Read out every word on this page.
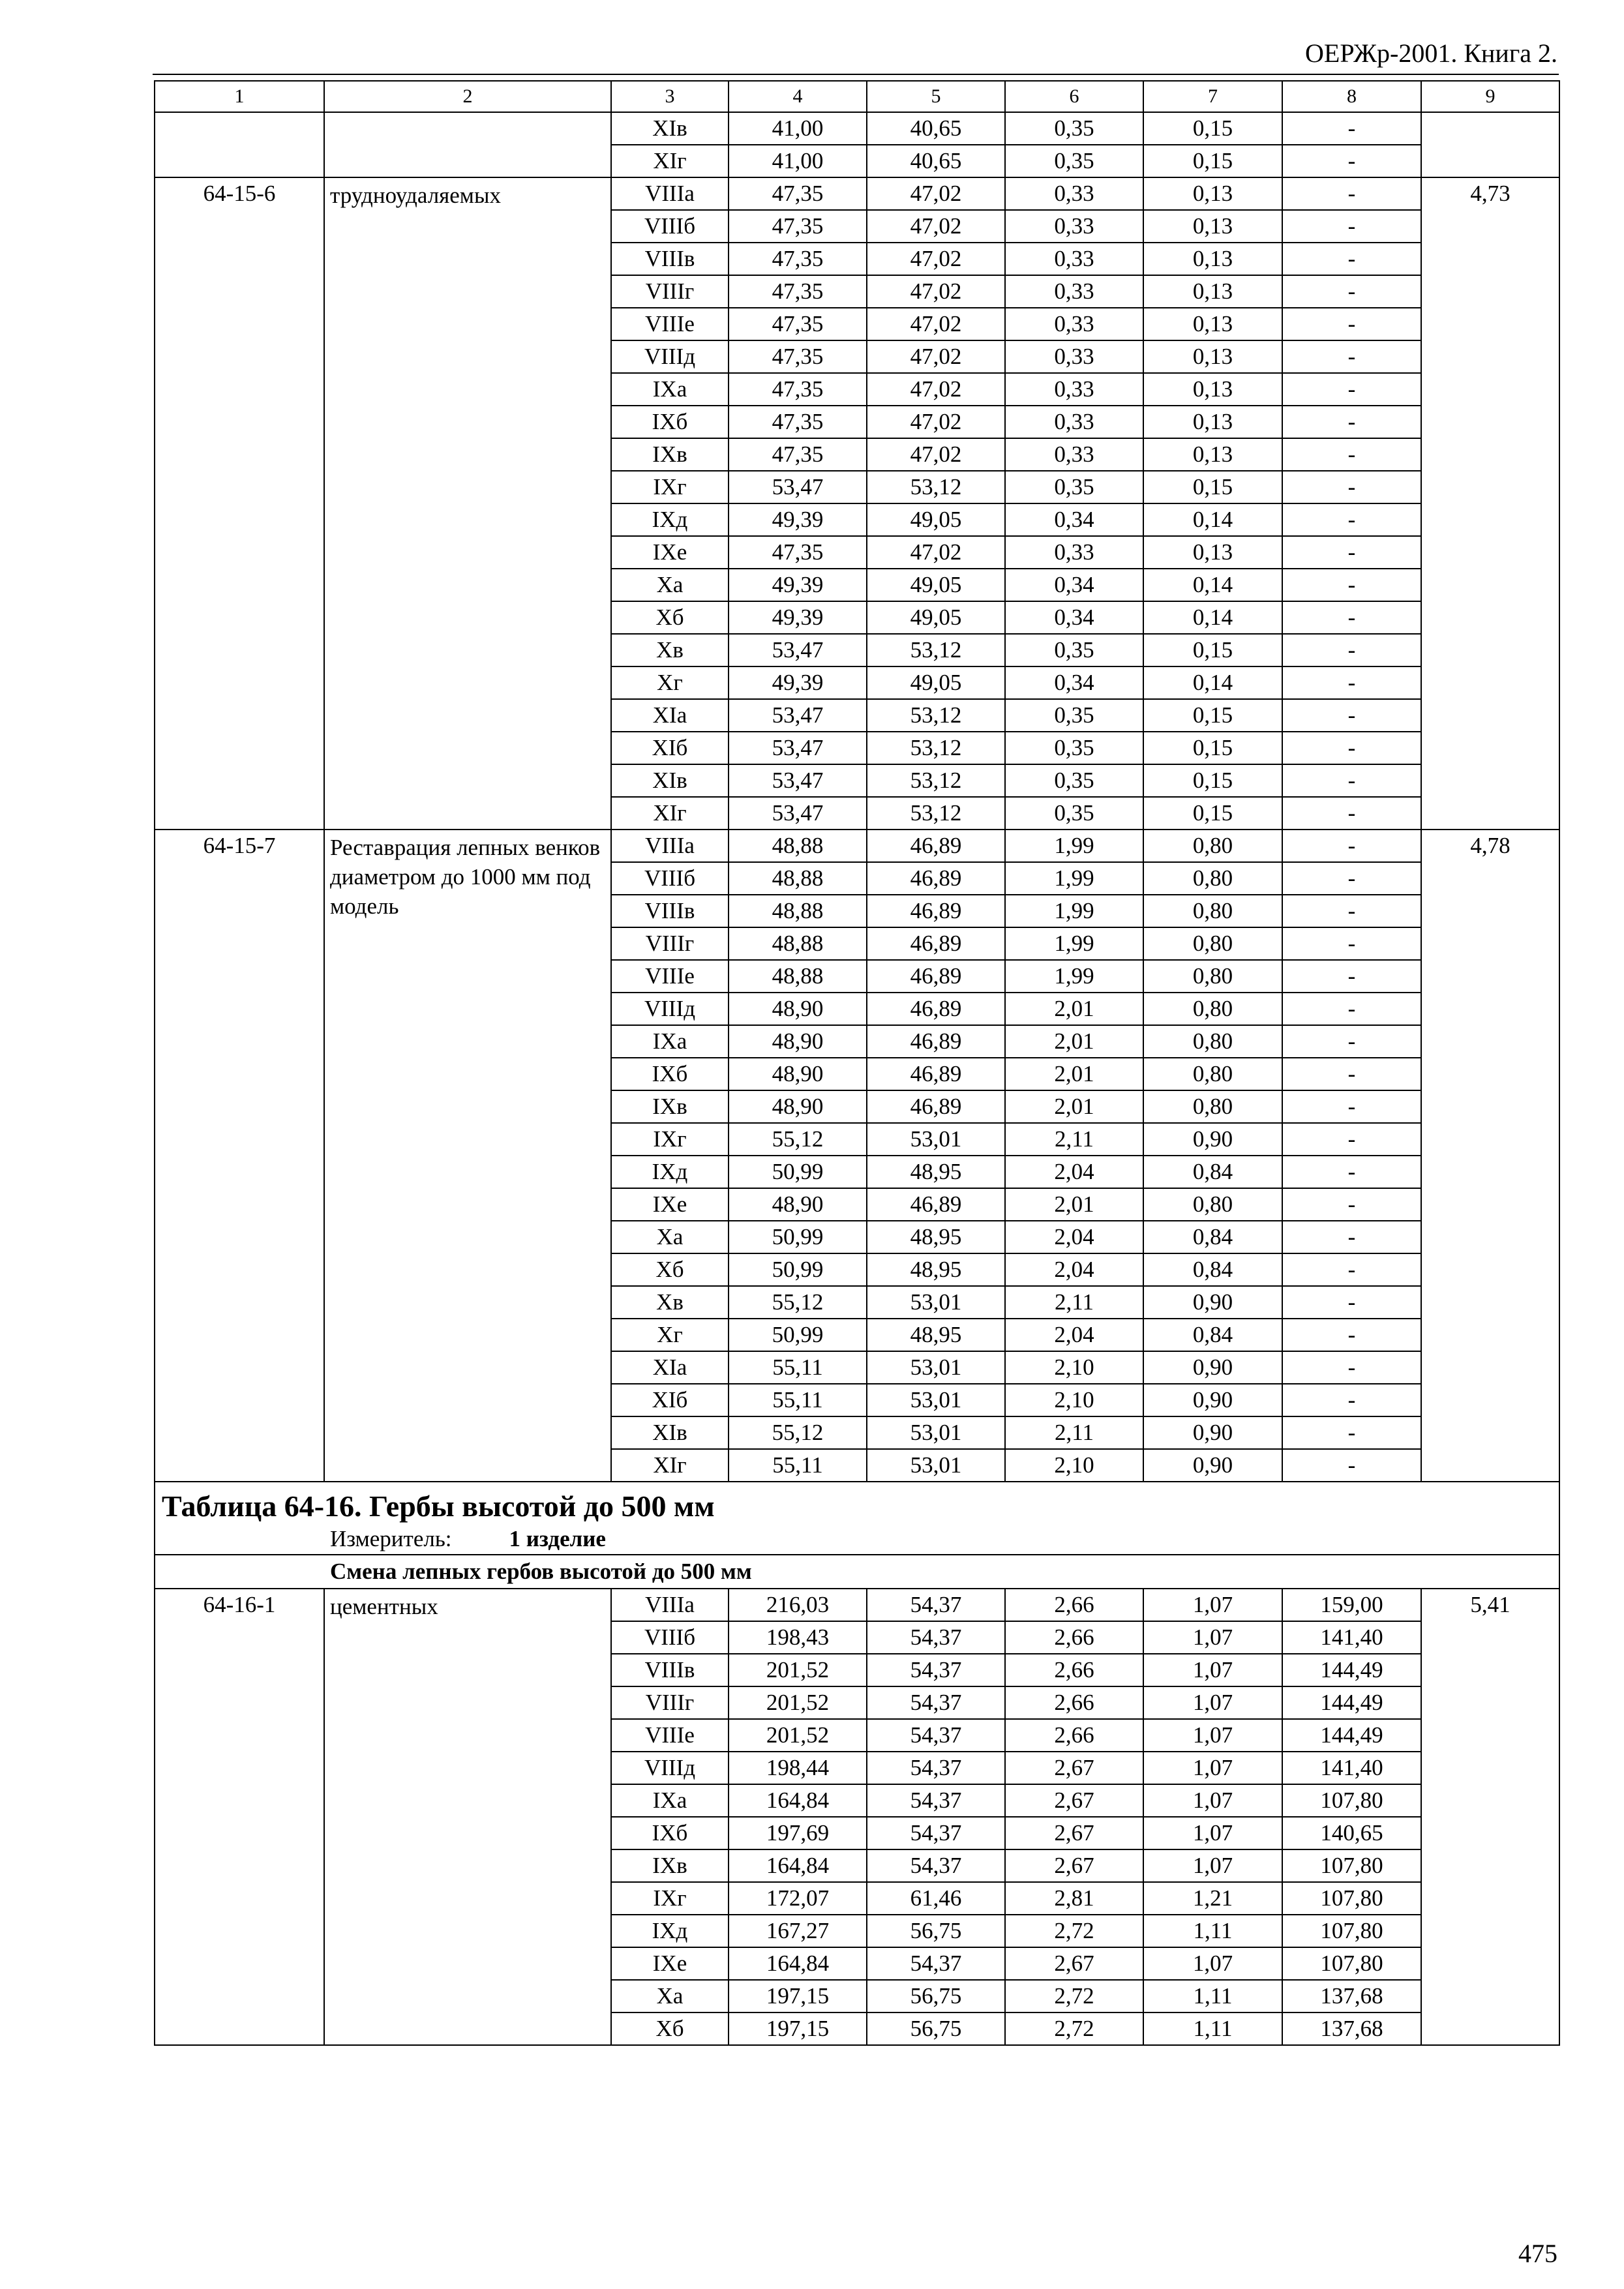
ОЕРЖр-2001. Книга 2.
1	2	3	4	5	6	7	8	9
		XIв	41,00	40,65	0,35	0,15	-	
		XIг	41,00	40,65	0,35	0,15	-	
64-15-6	трудноудаляемых	VIIIа	47,35	47,02	0,33	0,13	-	4,73
		VIIIб	47,35	47,02	0,33	0,13	-	
		VIIIв	47,35	47,02	0,33	0,13	-	
		VIIIг	47,35	47,02	0,33	0,13	-	
		VIIIе	47,35	47,02	0,33	0,13	-	
		VIIIд	47,35	47,02	0,33	0,13	-	
		IXа	47,35	47,02	0,33	0,13	-	
		IXб	47,35	47,02	0,33	0,13	-	
		IXв	47,35	47,02	0,33	0,13	-	
		IXг	53,47	53,12	0,35	0,15	-	
		IXд	49,39	49,05	0,34	0,14	-	
		IXе	47,35	47,02	0,33	0,13	-	
		Xа	49,39	49,05	0,34	0,14	-	
		Xб	49,39	49,05	0,34	0,14	-	
		Xв	53,47	53,12	0,35	0,15	-	
		Xг	49,39	49,05	0,34	0,14	-	
		XIа	53,47	53,12	0,35	0,15	-	
		XIб	53,47	53,12	0,35	0,15	-	
		XIв	53,47	53,12	0,35	0,15	-	
		XIг	53,47	53,12	0,35	0,15	-	
64-15-7	Реставрация лепных венков диаметром до 1000 мм под модель	VIIIа	48,88	46,89	1,99	0,80	-	4,78
		VIIIб	48,88	46,89	1,99	0,80	-	
		VIIIв	48,88	46,89	1,99	0,80	-	
		VIIIг	48,88	46,89	1,99	0,80	-	
		VIIIе	48,88	46,89	1,99	0,80	-	
		VIIIд	48,90	46,89	2,01	0,80	-	
		IXа	48,90	46,89	2,01	0,80	-	
		IXб	48,90	46,89	2,01	0,80	-	
		IXв	48,90	46,89	2,01	0,80	-	
		IXг	55,12	53,01	2,11	0,90	-	
		IXд	50,99	48,95	2,04	0,84	-	
		IXе	48,90	46,89	2,01	0,80	-	
		Xа	50,99	48,95	2,04	0,84	-	
		Xб	50,99	48,95	2,04	0,84	-	
		Xв	55,12	53,01	2,11	0,90	-	
		Xг	50,99	48,95	2,04	0,84	-	
		XIа	55,11	53,01	2,10	0,90	-	
		XIб	55,11	53,01	2,10	0,90	-	
		XIв	55,12	53,01	2,11	0,90	-	
		XIг	55,11	53,01	2,10	0,90	-	
Таблица 64-16. Гербы высотой до 500 мм								
Измеритель: 1 изделие								
Смена лепных гербов высотой до 500 мм								
64-16-1	цементных	VIIIа	216,03	54,37	2,66	1,07	159,00	5,41
		VIIIб	198,43	54,37	2,66	1,07	141,40	
		VIIIв	201,52	54,37	2,66	1,07	144,49	
		VIIIг	201,52	54,37	2,66	1,07	144,49	
		VIIIе	201,52	54,37	2,66	1,07	144,49	
		VIIIд	198,44	54,37	2,67	1,07	141,40	
		IXа	164,84	54,37	2,67	1,07	107,80	
		IXб	197,69	54,37	2,67	1,07	140,65	
		IXв	164,84	54,37	2,67	1,07	107,80	
		IXг	172,07	61,46	2,81	1,21	107,80	
		IXд	167,27	56,75	2,72	1,11	107,80	
		IXе	164,84	54,37	2,67	1,07	107,80	
		Xа	197,15	56,75	2,72	1,11	137,68	
		Xб	197,15	56,75	2,72	1,11	137,68	
475
